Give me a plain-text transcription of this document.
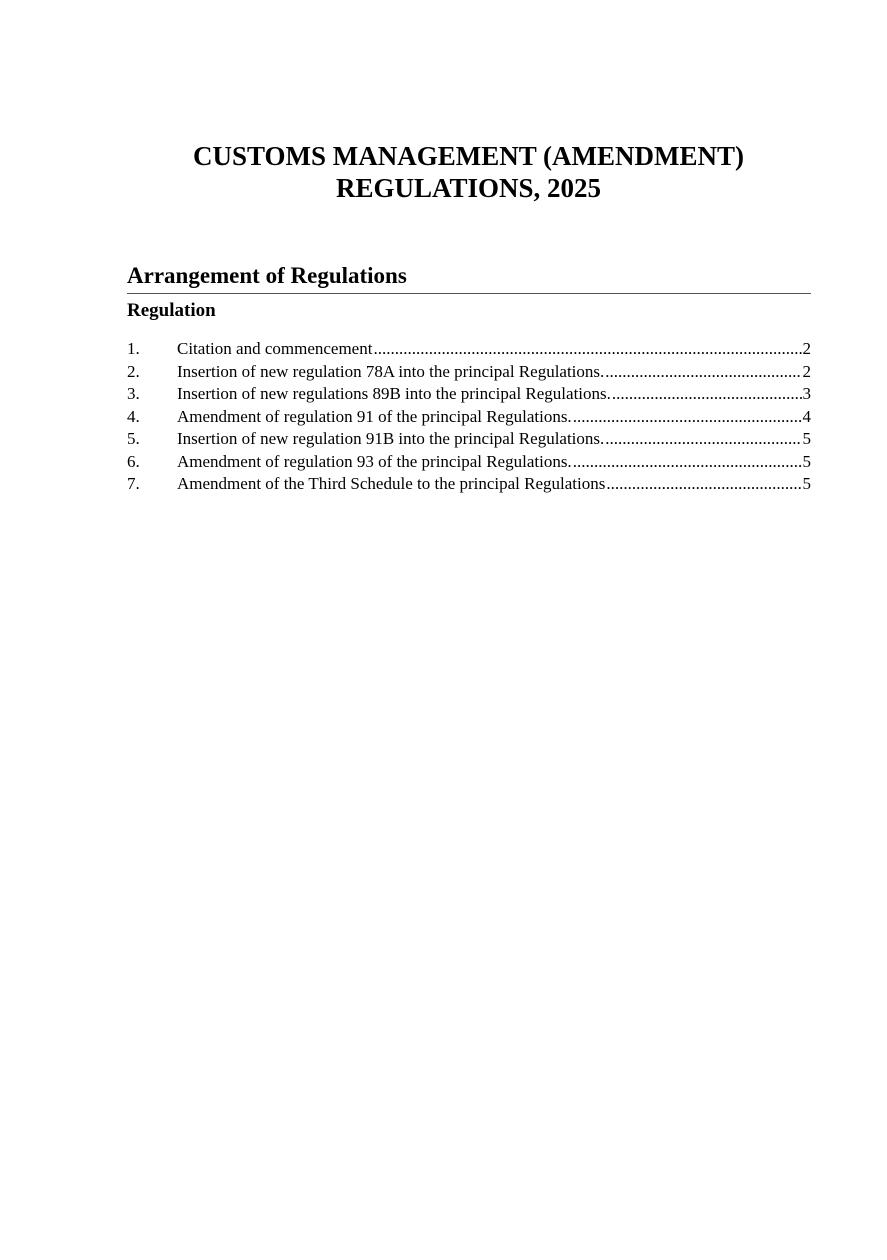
CUSTOMS MANAGEMENT (AMENDMENT)
REGULATIONS, 2025
Arrangement of Regulations
Regulation
1.	Citation and commencement .....	2
2.	Insertion of new regulation 78A into the principal Regulations. .....	2
3.	Insertion of new regulations 89B into the principal Regulations. .....	3
4.	Amendment of regulation 91 of the principal Regulations. .....	4
5.	Insertion of new regulation 91B into the principal Regulations. .....	5
6.	Amendment of regulation 93 of the principal Regulations. .....	5
7.	Amendment of the Third Schedule to the principal Regulations .....	5
